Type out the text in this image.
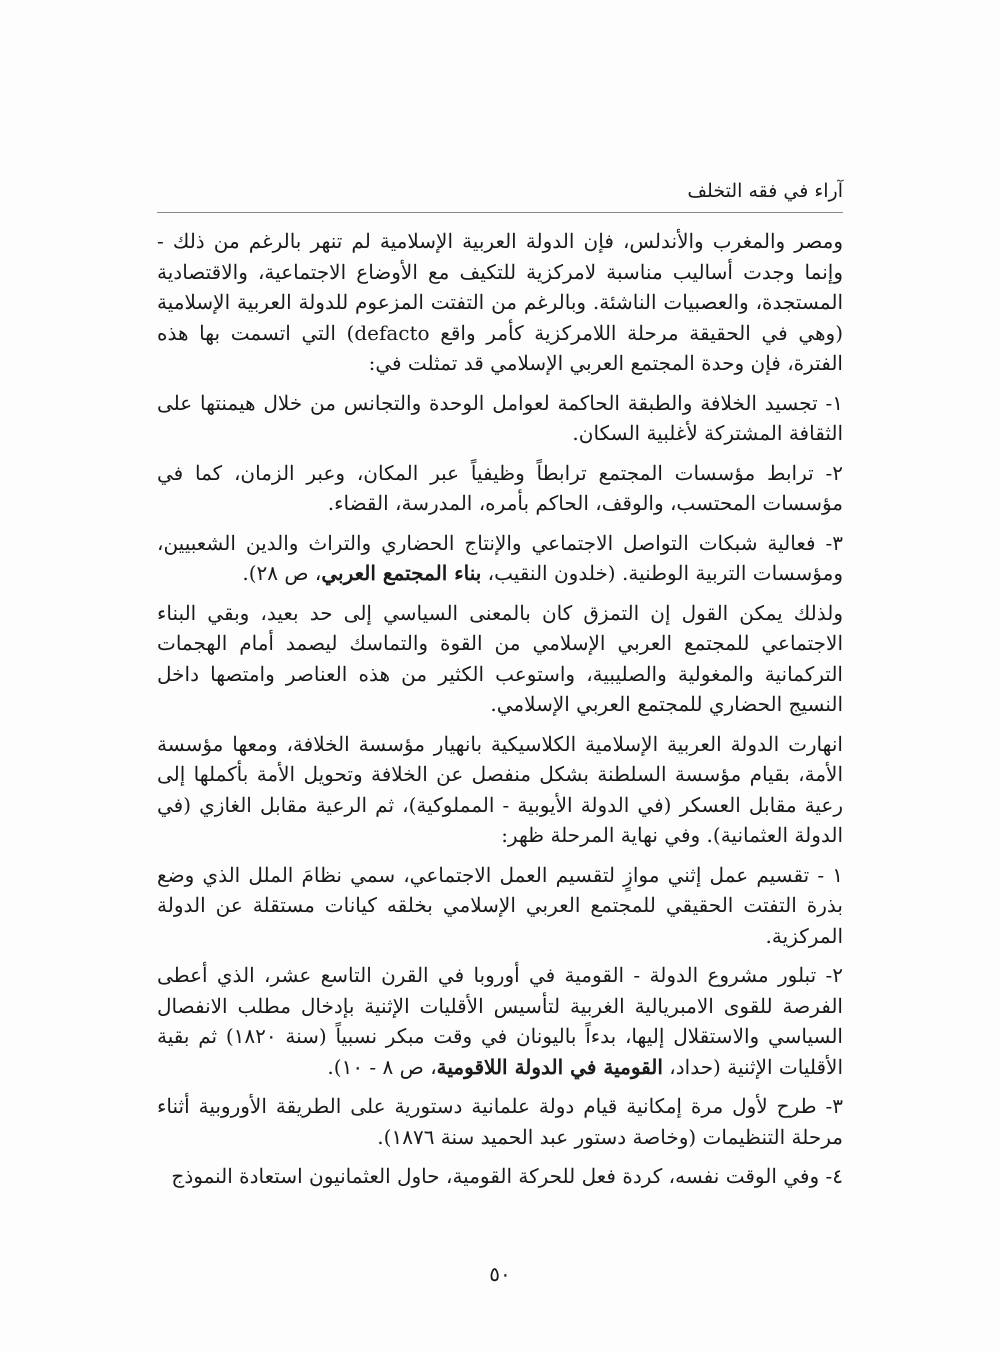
آراء في فقه التخلف

ومصر والمغرب والأندلس، فإن الدولة العربية الإسلامية لم تنهر بالرغم من ذلك - وإنما وجدت أساليب مناسبة لامركزية للتكيف مع الأوضاع الاجتماعية، والاقتصادية المستجدة، والعصبيات الناشئة. وبالرغم من التفتت المزعوم للدولة العربية الإسلامية (وهي في الحقيقة مرحلة اللامركزية كأمر واقع defacto) التي اتسمت بها هذه الفترة، فإن وحدة المجتمع العربي الإسلامي قد تمثلت في:

١- تجسيد الخلافة والطبقة الحاكمة لعوامل الوحدة والتجانس من خلال هيمنتها على الثقافة المشتركة لأغلبية السكان.

٢- ترابط مؤسسات المجتمع ترابطاً وظيفياً عبر المكان، وعبر الزمان، كما في مؤسسات المحتسب، والوقف، الحاكم بأمره، المدرسة، القضاء.

٣- فعالية شبكات التواصل الاجتماعي والإنتاج الحضاري والتراث والدين الشعبيين، ومؤسسات التربية الوطنية. (خلدون النقيب، بناء المجتمع العربي، ص ٢٨).

ولذلك يمكن القول إن التمزق كان بالمعنى السياسي إلى حد بعيد، وبقي البناء الاجتماعي للمجتمع العربي الإسلامي من القوة والتماسك ليصمد أمام الهجمات التركمانية والمغولية والصليبية، واستوعب الكثير من هذه العناصر وامتصها داخل النسيج الحضاري للمجتمع العربي الإسلامي.

انهارت الدولة العربية الإسلامية الكلاسيكية بانهيار مؤسسة الخلافة، ومعها مؤسسة الأمة، بقيام مؤسسة السلطنة بشكل منفصل عن الخلافة وتحويل الأمة بأكملها إلى رعية مقابل العسكر (في الدولة الأيوبية - المملوكية)، ثم الرعية مقابل الغازي (في الدولة العثمانية). وفي نهاية المرحلة ظهر:

١ - تقسيم عمل إثني موازٍ لتقسيم العمل الاجتماعي، سمي نظامَ الملل الذي وضع بذرة التفتت الحقيقي للمجتمع العربي الإسلامي بخلقه كيانات مستقلة عن الدولة المركزية.

٢- تبلور مشروع الدولة - القومية في أوروبا في القرن التاسع عشر، الذي أعطى الفرصة للقوى الامبريالية الغربية لتأسيس الأقليات الإثنية بإدخال مطلب الانفصال السياسي والاستقلال إليها، بدءاً باليونان في وقت مبكر نسبياً (سنة ١٨٢٠) ثم بقية الأقليات الإثنية (حداد، القومية في الدولة اللاقومية، ص ٨ - ١٠).

٣- طرح لأول مرة إمكانية قيام دولة علمانية دستورية على الطريقة الأوروبية أثناء مرحلة التنظيمات (وخاصة دستور عبد الحميد سنة ١٨٧٦).

٤- وفي الوقت نفسه، كردة فعل للحركة القومية، حاول العثمانيون استعادة النموذج

٥٠
